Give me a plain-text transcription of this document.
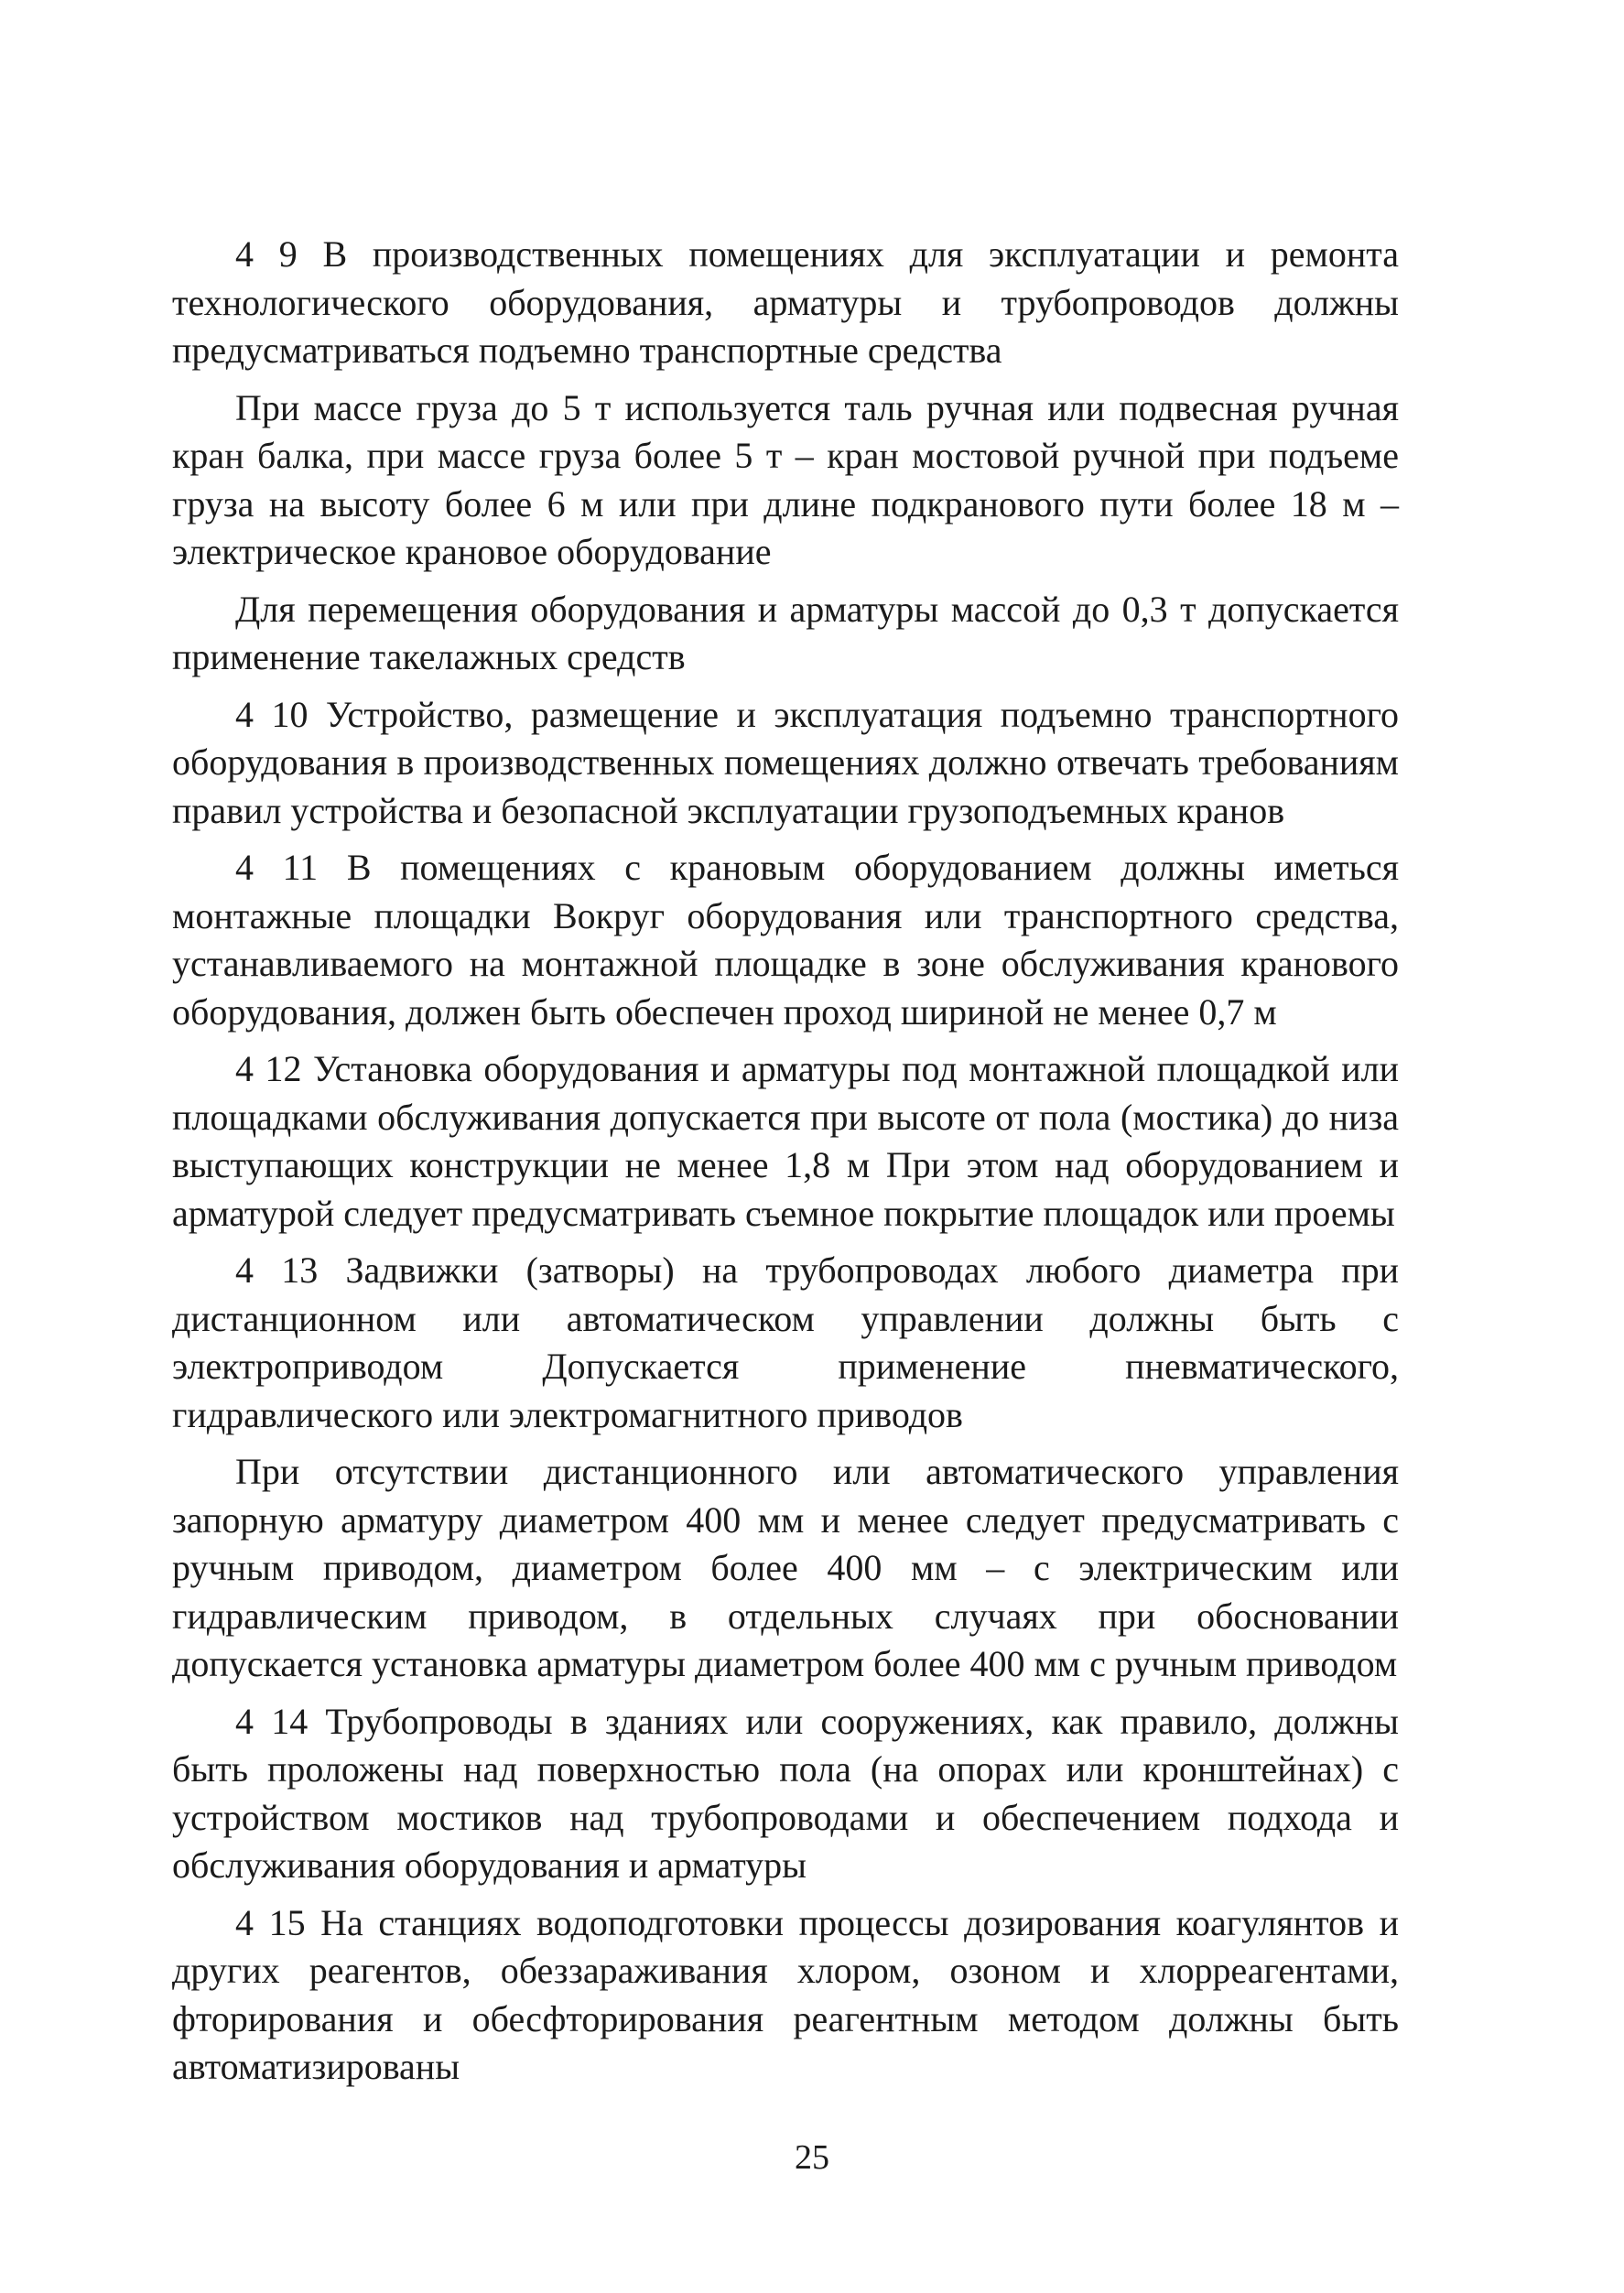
4 9 В производственных помещениях для эксплуатации и ремонта технологического оборудования, арматуры и трубопроводов должны предусматриваться подъемно транспортные средства

При массе груза до 5 т используется таль ручная или подвесная ручная кран балка, при массе груза более 5 т – кран мостовой ручной при подъеме груза на высоту более 6 м или при длине подкранового пути более 18 м – электрическое крановое оборудование

Для перемещения оборудования и арматуры массой до 0,3 т допускается применение такелажных средств

4 10 Устройство, размещение и эксплуатация подъемно транспортного оборудования в производственных помещениях должно отвечать требованиям правил устройства и безопасной эксплуатации грузоподъемных кранов

4 11 В помещениях с крановым оборудованием должны иметься монтажные площадки Вокруг оборудования или транспортного средства, устанавливаемого на монтажной площадке в зоне обслуживания кранового оборудования, должен быть обеспечен проход шириной не менее 0,7 м

4 12 Установка оборудования и арматуры под монтажной площадкой или площадками обслуживания допускается при высоте от пола (мостика) до низа выступающих конструкции не менее 1,8 м При этом над оборудованием и арматурой следует предусматривать съемное покрытие площадок или проемы

4 13 Задвижки (затворы) на трубопроводах любого диаметра при дистанционном или автоматическом управлении должны быть с электроприводом Допускается применение пневматического, гидравлического или электромагнитного приводов

При отсутствии дистанционного или автоматического управления запорную арматуру диаметром 400 мм и менее следует предусматривать с ручным приводом, диаметром более 400 мм – с электрическим или гидравлическим приводом, в отдельных случаях при обосновании допускается установка арматуры диаметром более 400 мм с ручным приводом

4 14 Трубопроводы в зданиях или сооружениях, как правило, должны быть проложены над поверхностью пола (на опорах или кронштейнах) с устройством мостиков над трубопроводами и обеспечением подхода и обслуживания оборудования и арматуры

4 15 На станциях водоподготовки процессы дозирования коагулянтов и других реагентов, обеззараживания хлором, озоном и хлорреагентами, фторирования и обесфторирования реагентным методом должны быть автоматизированы

25
